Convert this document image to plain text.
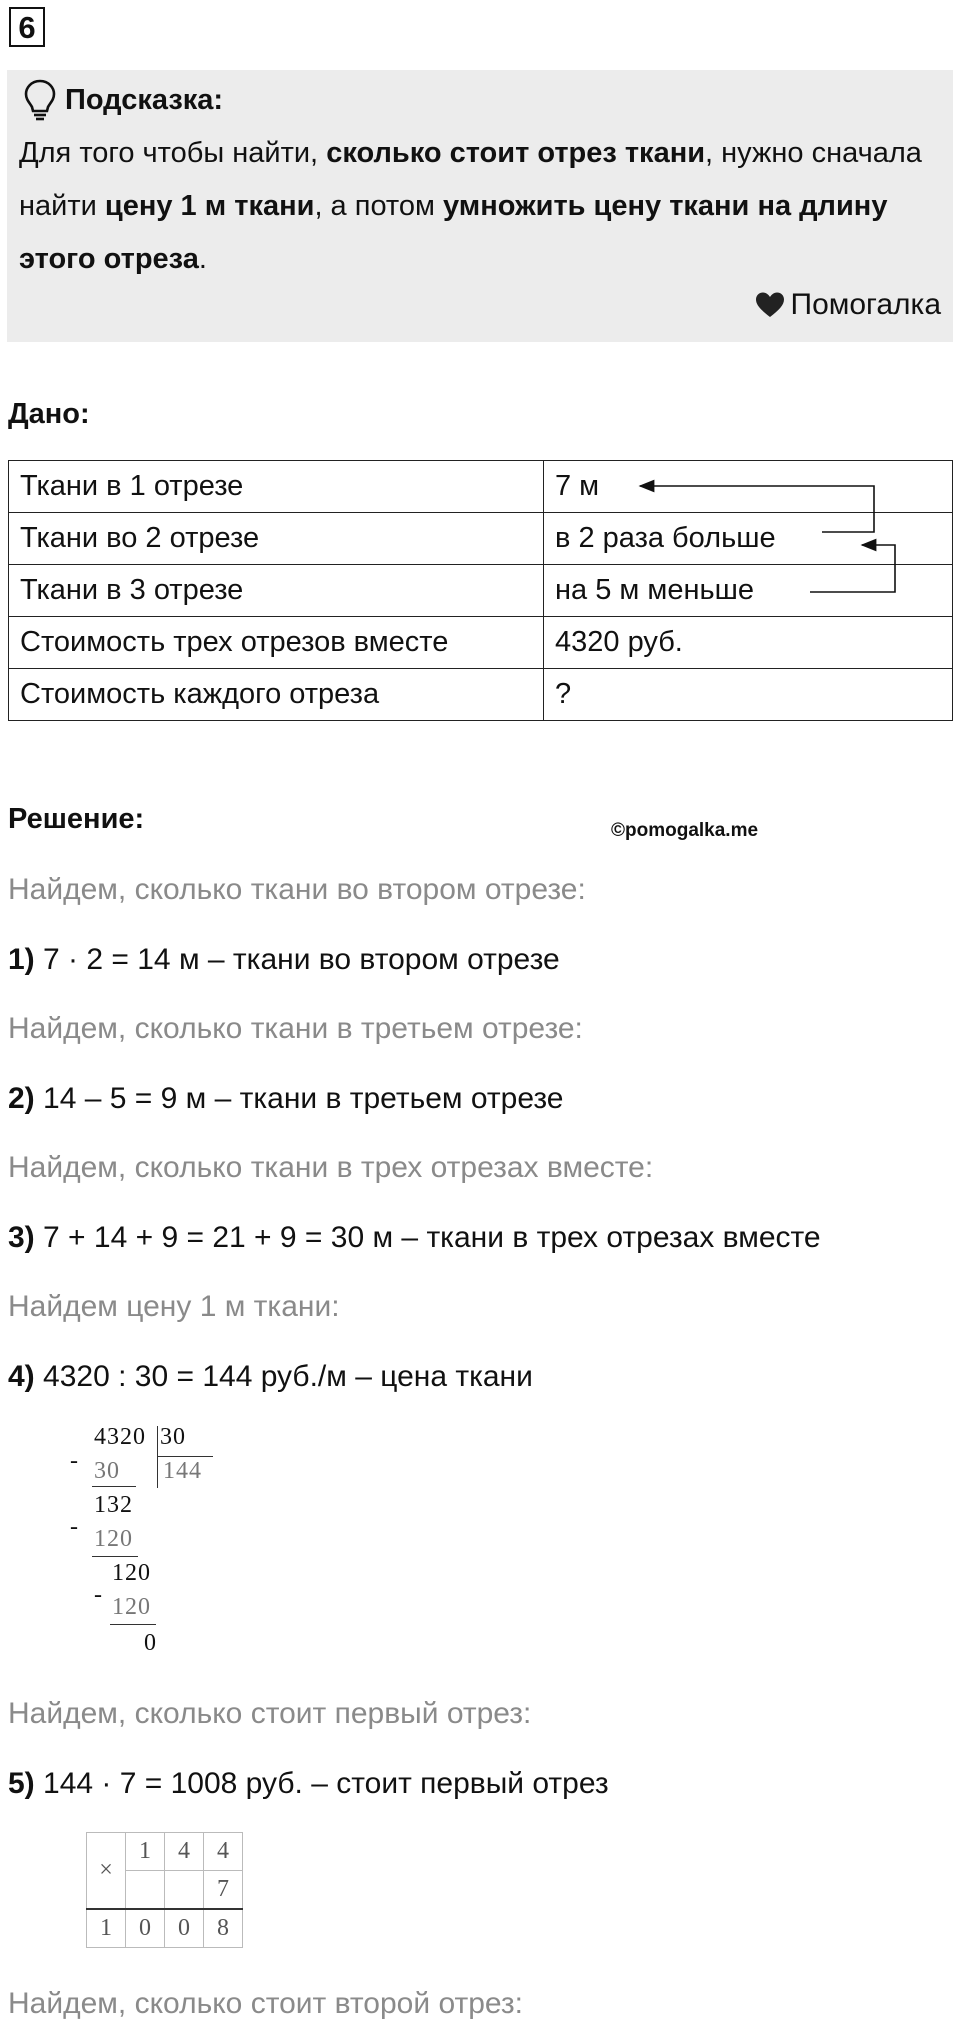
6
Подсказка:
Для того чтобы найти, сколько стоит отрез ткани, нужно сначала найти цену 1 м ткани, а потом умножить цену ткани на длину этого отреза.
Помогалка
Дано:
Ткани в 1 отрезе	7 м
Ткани во 2 отрезе	в 2 раза больше
Ткани в 3 отрезе	на 5 м меньше
Стоимость трех отрезов вместе	4320 руб.
Стоимость каждого отреза	?
Решение:	©pomogalka.me
Найдем, сколько ткани во втором отрезе:
1) 7 · 2 = 14 м – ткани во втором отрезе
Найдем, сколько ткани в третьем отрезе:
2) 14 – 5 = 9 м – ткани в третьем отрезе
Найдем, сколько ткани в трех отрезах вместе:
3) 7 + 14 + 9 = 21 + 9 = 30 м – ткани в трех отрезах вместе
Найдем цену 1 м ткани:
4) 4320 : 30 = 144 руб./м – цена ткани
Найдем, сколько стоит первый отрез:
5) 144 · 7 = 1008 руб. – стоит первый отрез
Найдем, сколько стоит второй отрез:
-
4320 30
144
30
132
- 120
120
- 120
0
×	1	4	4
			7
1	0	0	8
